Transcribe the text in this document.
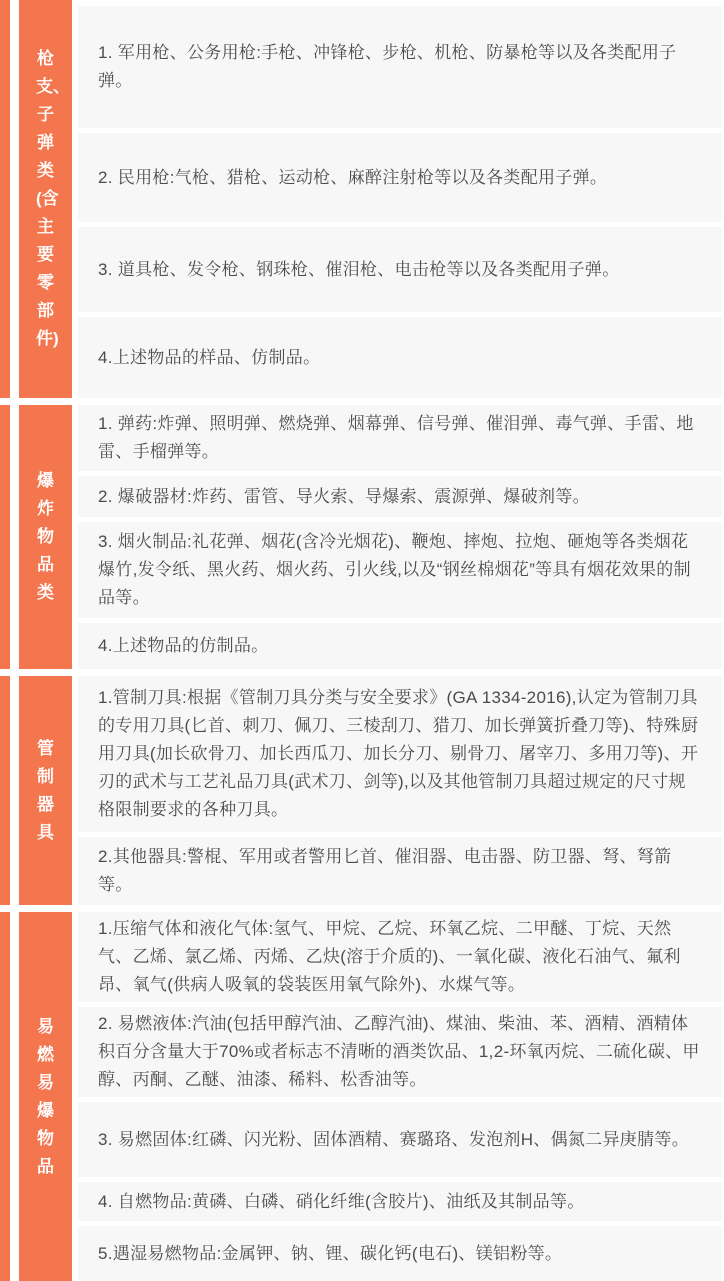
枪支、子弹类(含主要零部件)

1. 军用枪、公务用枪:手枪、冲锋枪、步枪、机枪、防暴枪等以及各类配用子弹。

2. 民用枪:气枪、猎枪、运动枪、麻醉注射枪等以及各类配用子弹。

3. 道具枪、发令枪、钢珠枪、催泪枪、电击枪等以及各类配用子弹。

4.上述物品的样品、仿制品。

爆炸物品类

1. 弹药:炸弹、照明弹、燃烧弹、烟幕弹、信号弹、催泪弹、毒气弹、手雷、地雷、手榴弹等。

2. 爆破器材:炸药、雷管、导火索、导爆索、震源弹、爆破剂等。

3. 烟火制品:礼花弹、烟花(含冷光烟花)、鞭炮、摔炮、拉炮、砸炮等各类烟花爆竹,发令纸、黑火药、烟火药、引火线,以及“钢丝棉烟花”等具有烟花效果的制品等。

4.上述物品的仿制品。

管制器具

1.管制刀具:根据《管制刀具分类与安全要求》(GA 1334-2016),认定为管制刀具的专用刀具(匕首、刺刀、佩刀、三棱刮刀、猎刀、加长弹簧折叠刀等)、特殊厨用刀具(加长砍骨刀、加长西瓜刀、加长分刀、剔骨刀、屠宰刀、多用刀等)、开刃的武术与工艺礼品刀具(武术刀、剑等),以及其他管制刀具超过规定的尺寸规格限制要求的各种刀具。

2.其他器具:警棍、军用或者警用匕首、催泪器、电击器、防卫器、弩、弩箭等。

易燃易爆物品

1.压缩气体和液化气体:氢气、甲烷、乙烷、环氧乙烷、二甲醚、丁烷、天然气、乙烯、氯乙烯、丙烯、乙炔(溶于介质的)、一氧化碳、液化石油气、氟利昂、氧气(供病人吸氧的袋装医用氧气除外)、水煤气等。

2. 易燃液体:汽油(包括甲醇汽油、乙醇汽油)、煤油、柴油、苯、酒精、酒精体积百分含量大于70%或者标志不清晰的酒类饮品、1,2-环氧丙烷、二硫化碳、甲醇、丙酮、乙醚、油漆、稀料、松香油等。

3. 易燃固体:红磷、闪光粉、固体酒精、赛璐珞、发泡剂H、偶氮二异庚腈等。

4. 自燃物品:黄磷、白磷、硝化纤维(含胶片)、油纸及其制品等。

5.遇湿易燃物品:金属钾、钠、锂、碳化钙(电石)、镁铝粉等。
